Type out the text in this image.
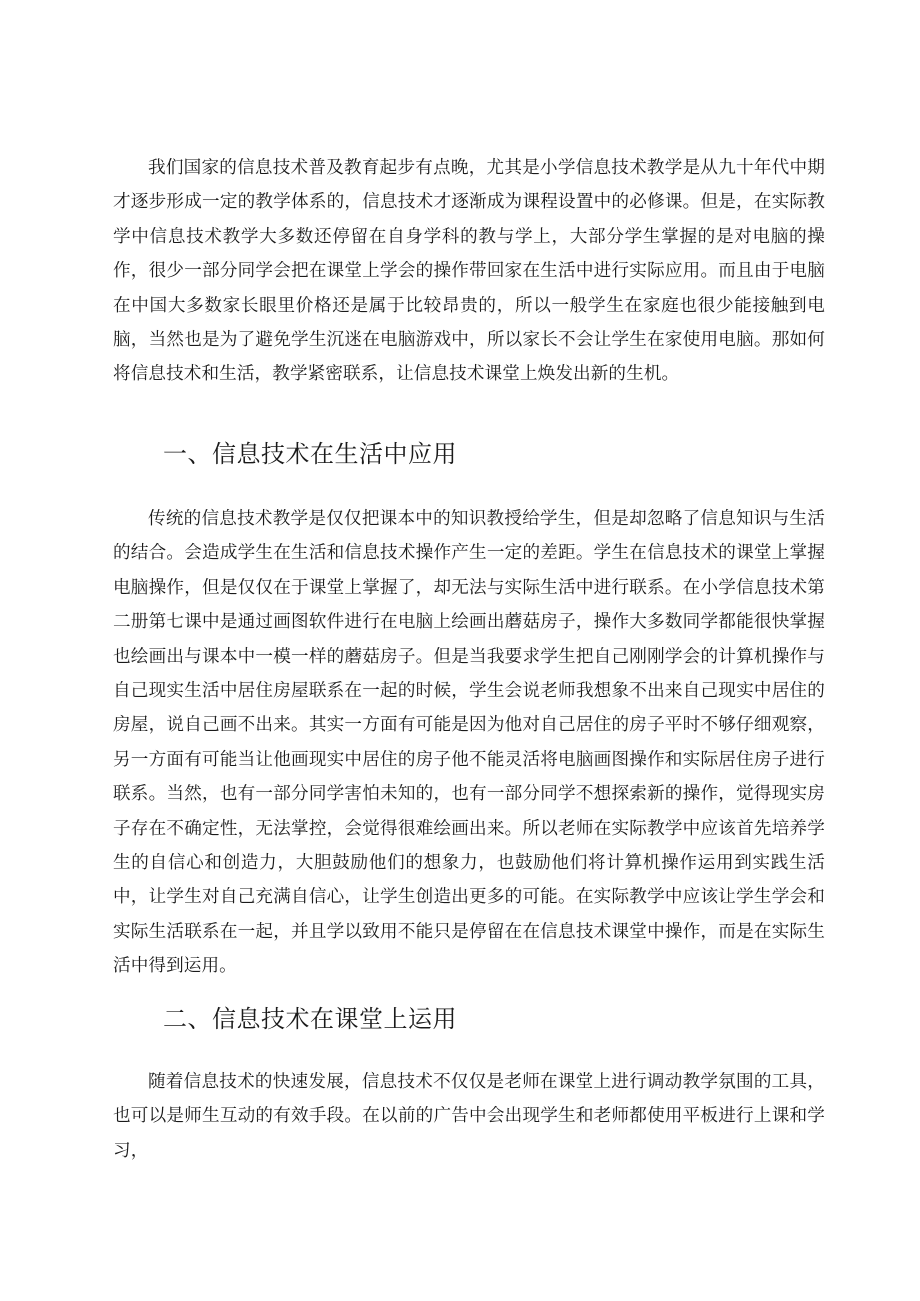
我们国家的信息技术普及教育起步有点晚，尤其是小学信息技术教学是从九十年代中期才逐步形成一定的教学体系的，信息技术才逐渐成为课程设置中的必修课。但是，在实际教学中信息技术教学大多数还停留在自身学科的教与学上，大部分学生掌握的是对电脑的操作，很少一部分同学会把在课堂上学会的操作带回家在生活中进行实际应用。而且由于电脑在中国大多数家长眼里价格还是属于比较昂贵的，所以一般学生在家庭也很少能接触到电脑，当然也是为了避免学生沉迷在电脑游戏中，所以家长不会让学生在家使用电脑。那如何将信息技术和生活，教学紧密联系，让信息技术课堂上焕发出新的生机。

一、信息技术在生活中应用

传统的信息技术教学是仅仅把课本中的知识教授给学生，但是却忽略了信息知识与生活的结合。会造成学生在生活和信息技术操作产生一定的差距。学生在信息技术的课堂上掌握电脑操作，但是仅仅在于课堂上掌握了，却无法与实际生活中进行联系。在小学信息技术第二册第七课中是通过画图软件进行在电脑上绘画出蘑菇房子，操作大多数同学都能很快掌握也绘画出与课本中一模一样的蘑菇房子。但是当我要求学生把自己刚刚学会的计算机操作与自己现实生活中居住房屋联系在一起的时候，学生会说老师我想象不出来自己现实中居住的房屋，说自己画不出来。其实一方面有可能是因为他对自己居住的房子平时不够仔细观察，另一方面有可能当让他画现实中居住的房子他不能灵活将电脑画图操作和实际居住房子进行联系。当然，也有一部分同学害怕未知的，也有一部分同学不想探索新的操作，觉得现实房子存在不确定性，无法掌控，会觉得很难绘画出来。所以老师在实际教学中应该首先培养学生的自信心和创造力，大胆鼓励他们的想象力，也鼓励他们将计算机操作运用到实践生活中，让学生对自己充满自信心，让学生创造出更多的可能。在实际教学中应该让学生学会和实际生活联系在一起，并且学以致用不能只是停留在在信息技术课堂中操作，而是在实际生活中得到运用。

二、信息技术在课堂上运用

随着信息技术的快速发展，信息技术不仅仅是老师在课堂上进行调动教学氛围的工具，也可以是师生互动的有效手段。在以前的广告中会出现学生和老师都使用平板进行上课和学习，
